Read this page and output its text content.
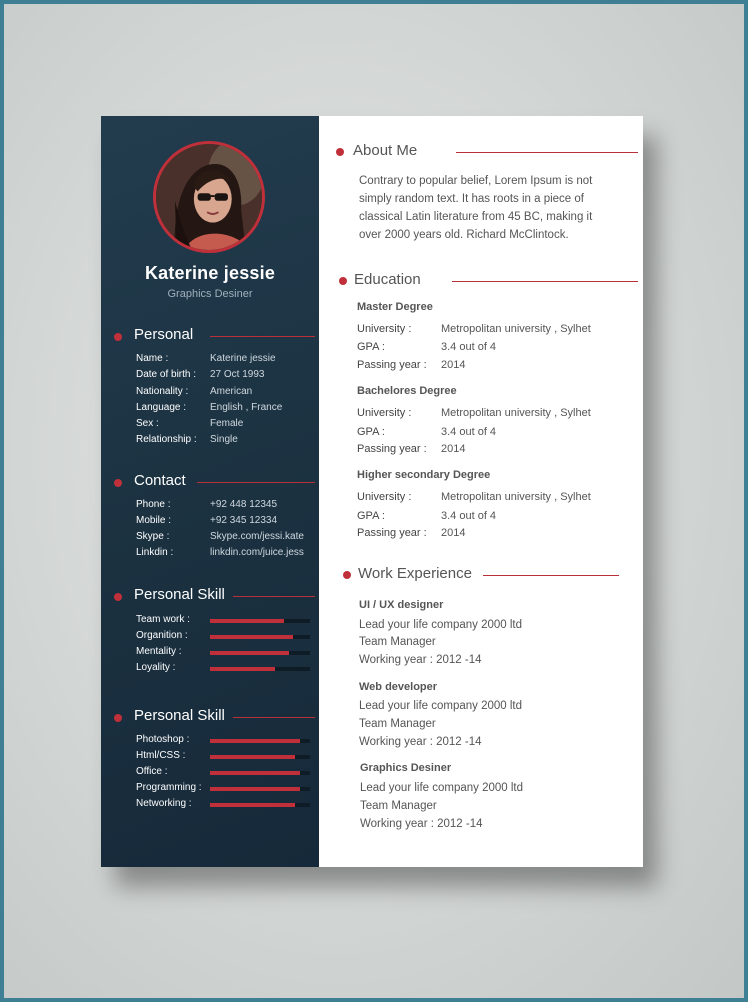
Katerine jessie
Graphics Desiner
Personal
Name :	Katerine jessie
Date of birth : 27 Oct 1993
Nationality : American
Language : English , France
Sex :	Female
Relationship : Single
Contact
Phone :	+92 448 12345
Mobile :	+92 345 12334
Skype :	Skype.com/jessi.kate
Linkdin :	linkdin.com/juice.jess
Personal Skill
Team work :
Organition :
Mentality :
Loyality :
Personal Skill
Photoshop :
Html/CSS :
Office :
Programming :
Networking :
About Me
Contrary to popular belief, Lorem Ipsum is not simply random text. It has roots in a piece of classical Latin literature from 45 BC, making it over 2000 years old. Richard McClintock.
Education
Master Degree
University :	Metropolitan university , Sylhet
GPA :	3.4 out of 4
Passing year : 2014
Bachelores Degree
University :	Metropolitan university , Sylhet
GPA :	3.4 out of 4
Passing year : 2014
Higher secondary Degree
University :	Metropolitan university , Sylhet
GPA :	3.4 out of 4
Passing year : 2014
Work Experience
UI / UX designer
Lead your life company 2000 ltd
Team Manager
Working year : 2012 -14
Web developer
Lead your life company 2000 ltd
Team Manager
Working year : 2012 -14
Graphics Desiner
Lead your life company 2000 ltd
Team Manager
Working year : 2012 -14
